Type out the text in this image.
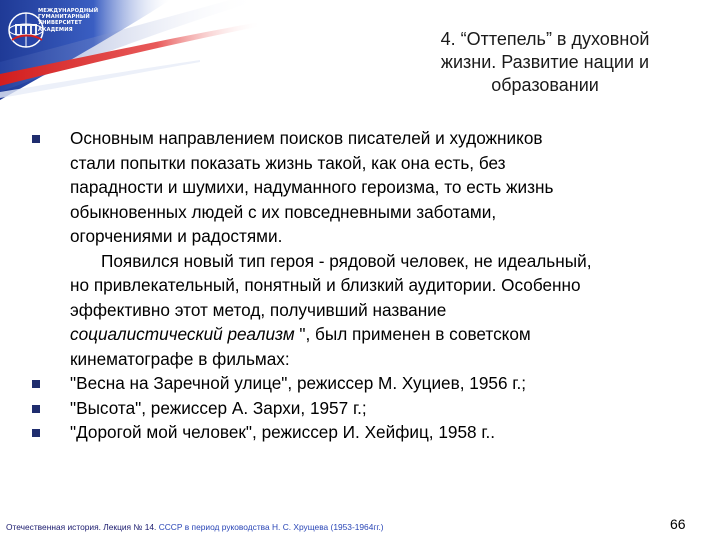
МЕЖДУНАРОДНЫЙ
ГУМАНИТАРНЫЙ
УНИВЕРСИТЕТ
АКАДЕМИЯ	4. “Оттепель” в духовной
жизни. Развитие нации и
образовании
Основным направлением поисков писателей и художников
стали попытки показать жизнь такой, как она есть, без
парадности и шумихи, надуманного героизма, то есть жизнь
обыкновенных людей с их повседневными заботами,
огорчениями и радостями.
Появился новый тип героя - рядовой человек, не идеальный,
но привлекательный, понятный и близкий аудитории. Особенно
эффективно этот метод, получивший название
социалистический реализм ", был применен в советском
кинематографе в фильмах:
"Весна на Заречной улице", режиссер М. Хуциев, 1956 г.;
"Высота", режиссер А. Зархи, 1957 г.;
"Дорогой мой человек", режиссер И. Хейфиц, 1958 г..
Отечественная история. Лекция № 14. СССР в период руководства Н. С. Хрущева (1953-1964гг.)	66
